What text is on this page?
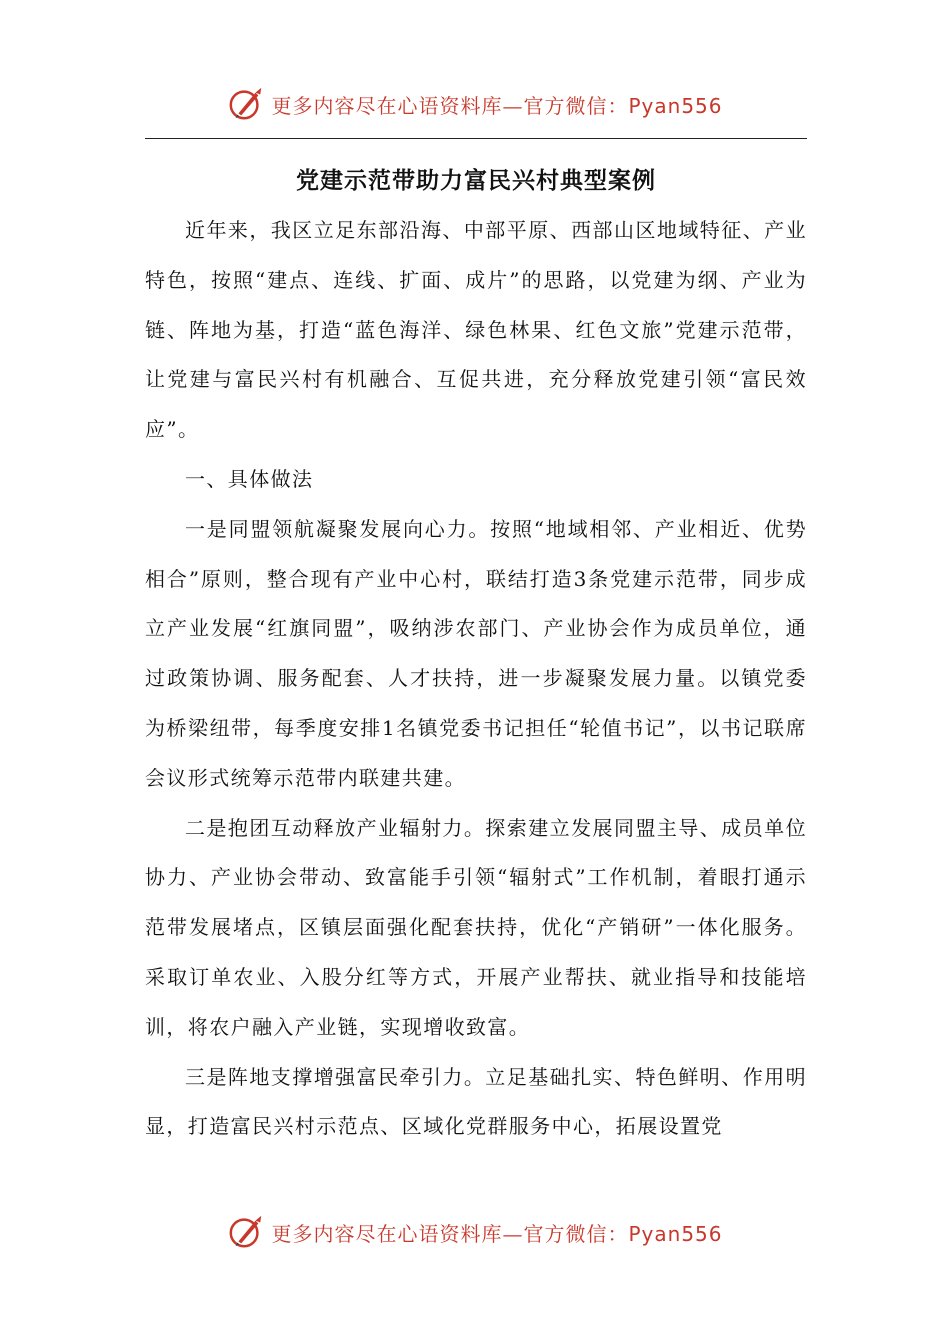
更多内容尽在心语资料库—官方微信：Pyan556
党建示范带助力富民兴村典型案例

近年来，我区立足东部沿海、中部平原、西部山区地域特征、产业特色，按照“建点、连线、扩面、成片”的思路，以党建为纲、产业为链、阵地为基，打造“蓝色海洋、绿色林果、红色文旅”党建示范带，让党建与富民兴村有机融合、互促共进，充分释放党建引领“富民效应”。

一、具体做法

一是同盟领航凝聚发展向心力。按照“地域相邻、产业相近、优势相合”原则，整合现有产业中心村，联结打造3条党建示范带，同步成立产业发展“红旗同盟”，吸纳涉农部门、产业协会作为成员单位，通过政策协调、服务配套、人才扶持，进一步凝聚发展力量。以镇党委为桥梁纽带，每季度安排1名镇党委书记担任“轮值书记”，以书记联席会议形式统筹示范带内联建共建。

二是抱团互动释放产业辐射力。探索建立发展同盟主导、成员单位协力、产业协会带动、致富能手引领“辐射式”工作机制，着眼打通示范带发展堵点，区镇层面强化配套扶持，优化“产销研”一体化服务。采取订单农业、入股分红等方式，开展产业帮扶、就业指导和技能培训，将农户融入产业链，实现增收致富。

三是阵地支撑增强富民牵引力。立足基础扎实、特色鲜明、作用明显，打造富民兴村示范点、区域化党群服务中心，拓展设置党

更多内容尽在心语资料库—官方微信：Pyan556
